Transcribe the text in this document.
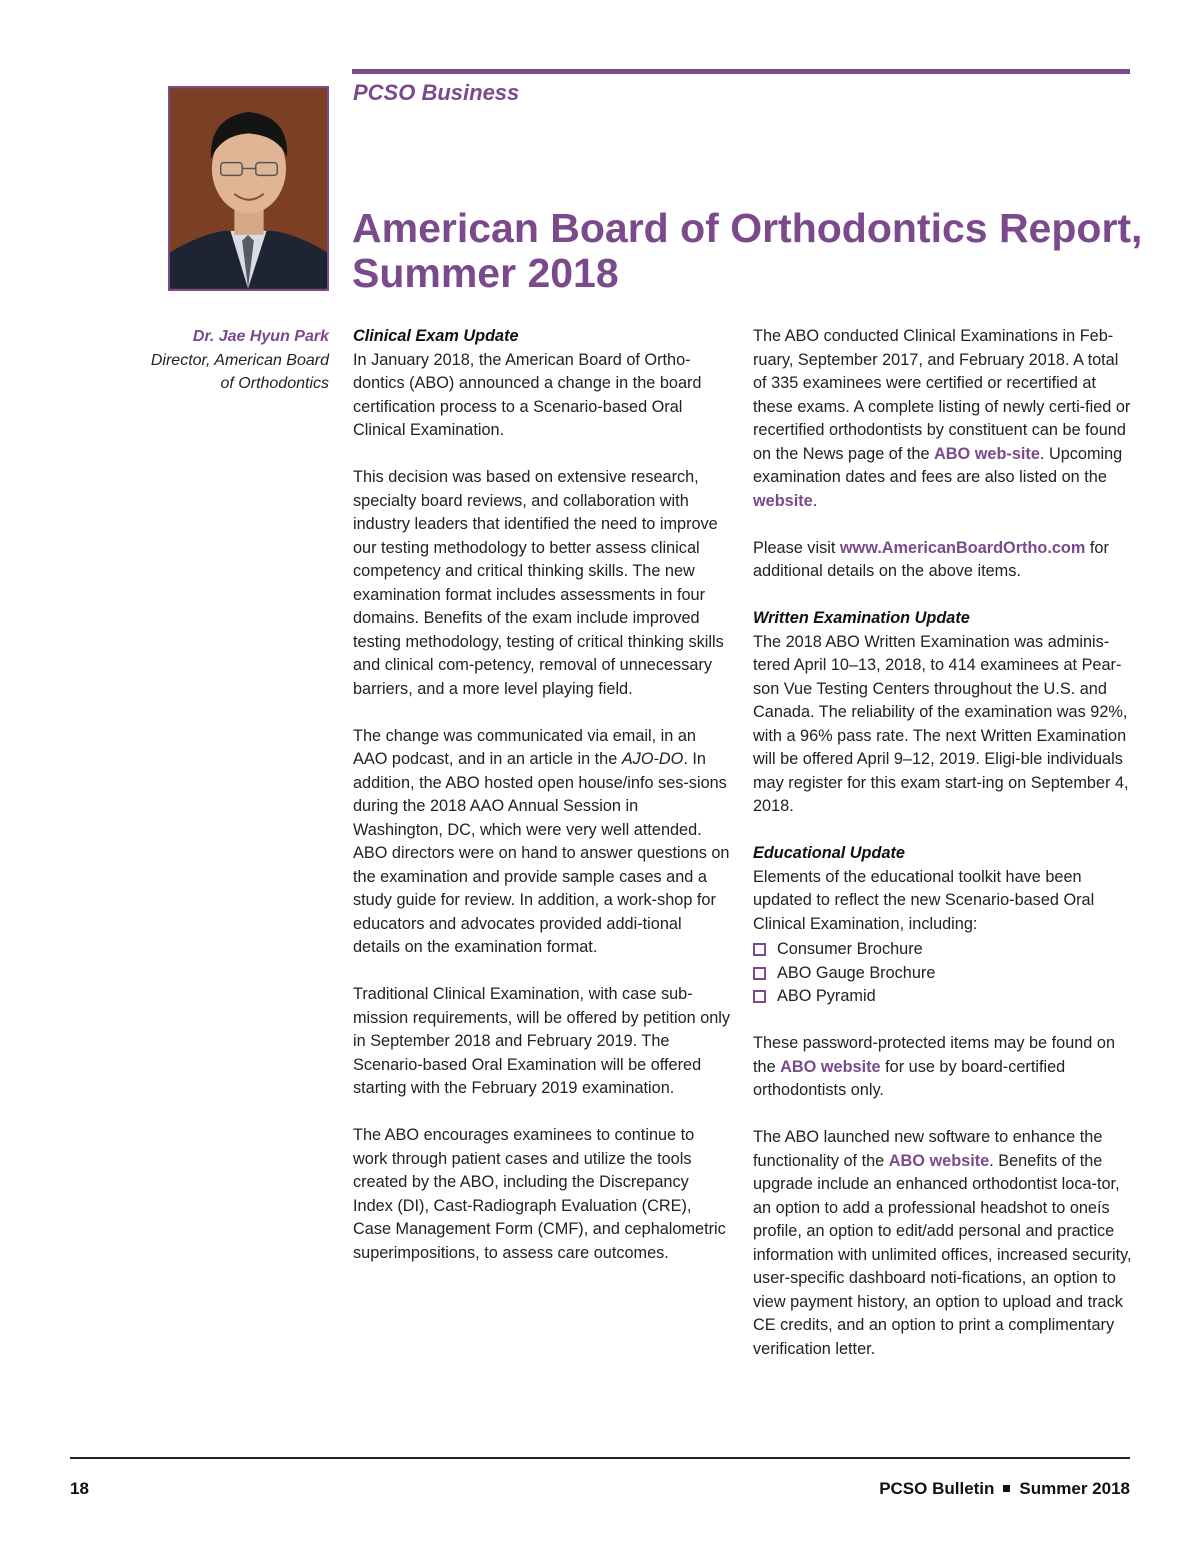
PCSO Business
American Board of Orthodontics Report,
Summer 2018
Dr. Jae Hyun Park
Director, American Board
of Orthodontics
Clinical Exam Update

In January 2018, the American Board of Ortho-dontics (ABO) announced a change in the board certification process to a Scenario-based Oral Clinical Examination.

This decision was based on extensive research, specialty board reviews, and collaboration with industry leaders that identified the need to improve our testing methodology to better assess clinical competency and critical thinking skills. The new examination format includes assessments in four domains. Benefits of the exam include improved testing methodology, testing of critical thinking skills and clinical com-petency, removal of unnecessary barriers, and a more level playing field.

The change was communicated via email, in an AAO podcast, and in an article in the AJO-DO. In addition, the ABO hosted open house/info ses-sions during the 2018 AAO Annual Session in Washington, DC, which were very well attended. ABO directors were on hand to answer questions on the examination and provide sample cases and a study guide for review. In addition, a work-shop for educators and advocates provided addi-tional details on the examination format.

Traditional Clinical Examination, with case sub-mission requirements, will be offered by petition only in September 2018 and February 2019. The Scenario-based Oral Examination will be offered starting with the February 2019 examination.

The ABO encourages examinees to continue to work through patient cases and utilize the tools created by the ABO, including the Discrepancy Index (DI), Cast-Radiograph Evaluation (CRE), Case Management Form (CMF), and cephalometric superimpositions, to assess care outcomes.

The ABO conducted Clinical Examinations in Feb-ruary, September 2017, and February 2018. A total of 335 examinees were certified or recertified at these exams. A complete listing of newly certi-fied or recertified orthodontists by constituent can be found on the News page of the ABO web-site. Upcoming examination dates and fees are also listed on the website.

Please visit www.AmericanBoardOrtho.com for additional details on the above items.

Written Examination Update

The 2018 ABO Written Examination was adminis-tered April 10–13, 2018, to 414 examinees at Pear-son Vue Testing Centers throughout the U.S. and Canada. The reliability of the examination was 92%, with a 96% pass rate. The next Written Examination will be offered April 9–12, 2019. Eligi-ble individuals may register for this exam start-ing on September 4, 2018.

Educational Update

Elements of the educational toolkit have been updated to reflect the new Scenario-based Oral Clinical Examination, including:

Consumer Brochure
ABO Gauge Brochure
ABO Pyramid

These password-protected items may be found on the ABO website for use by board-certified orthodontists only.

The ABO launched new software to enhance the functionality of the ABO website. Benefits of the upgrade include an enhanced orthodontist loca-tor, an option to add a professional headshot to oneís profile, an option to edit/add personal and practice information with unlimited offices, increased security, user-specific dashboard noti-fications, an option to view payment history, an option to upload and track CE credits, and an option to print a complimentary verification letter.

18	PCSO Bulletin Summer 2018
